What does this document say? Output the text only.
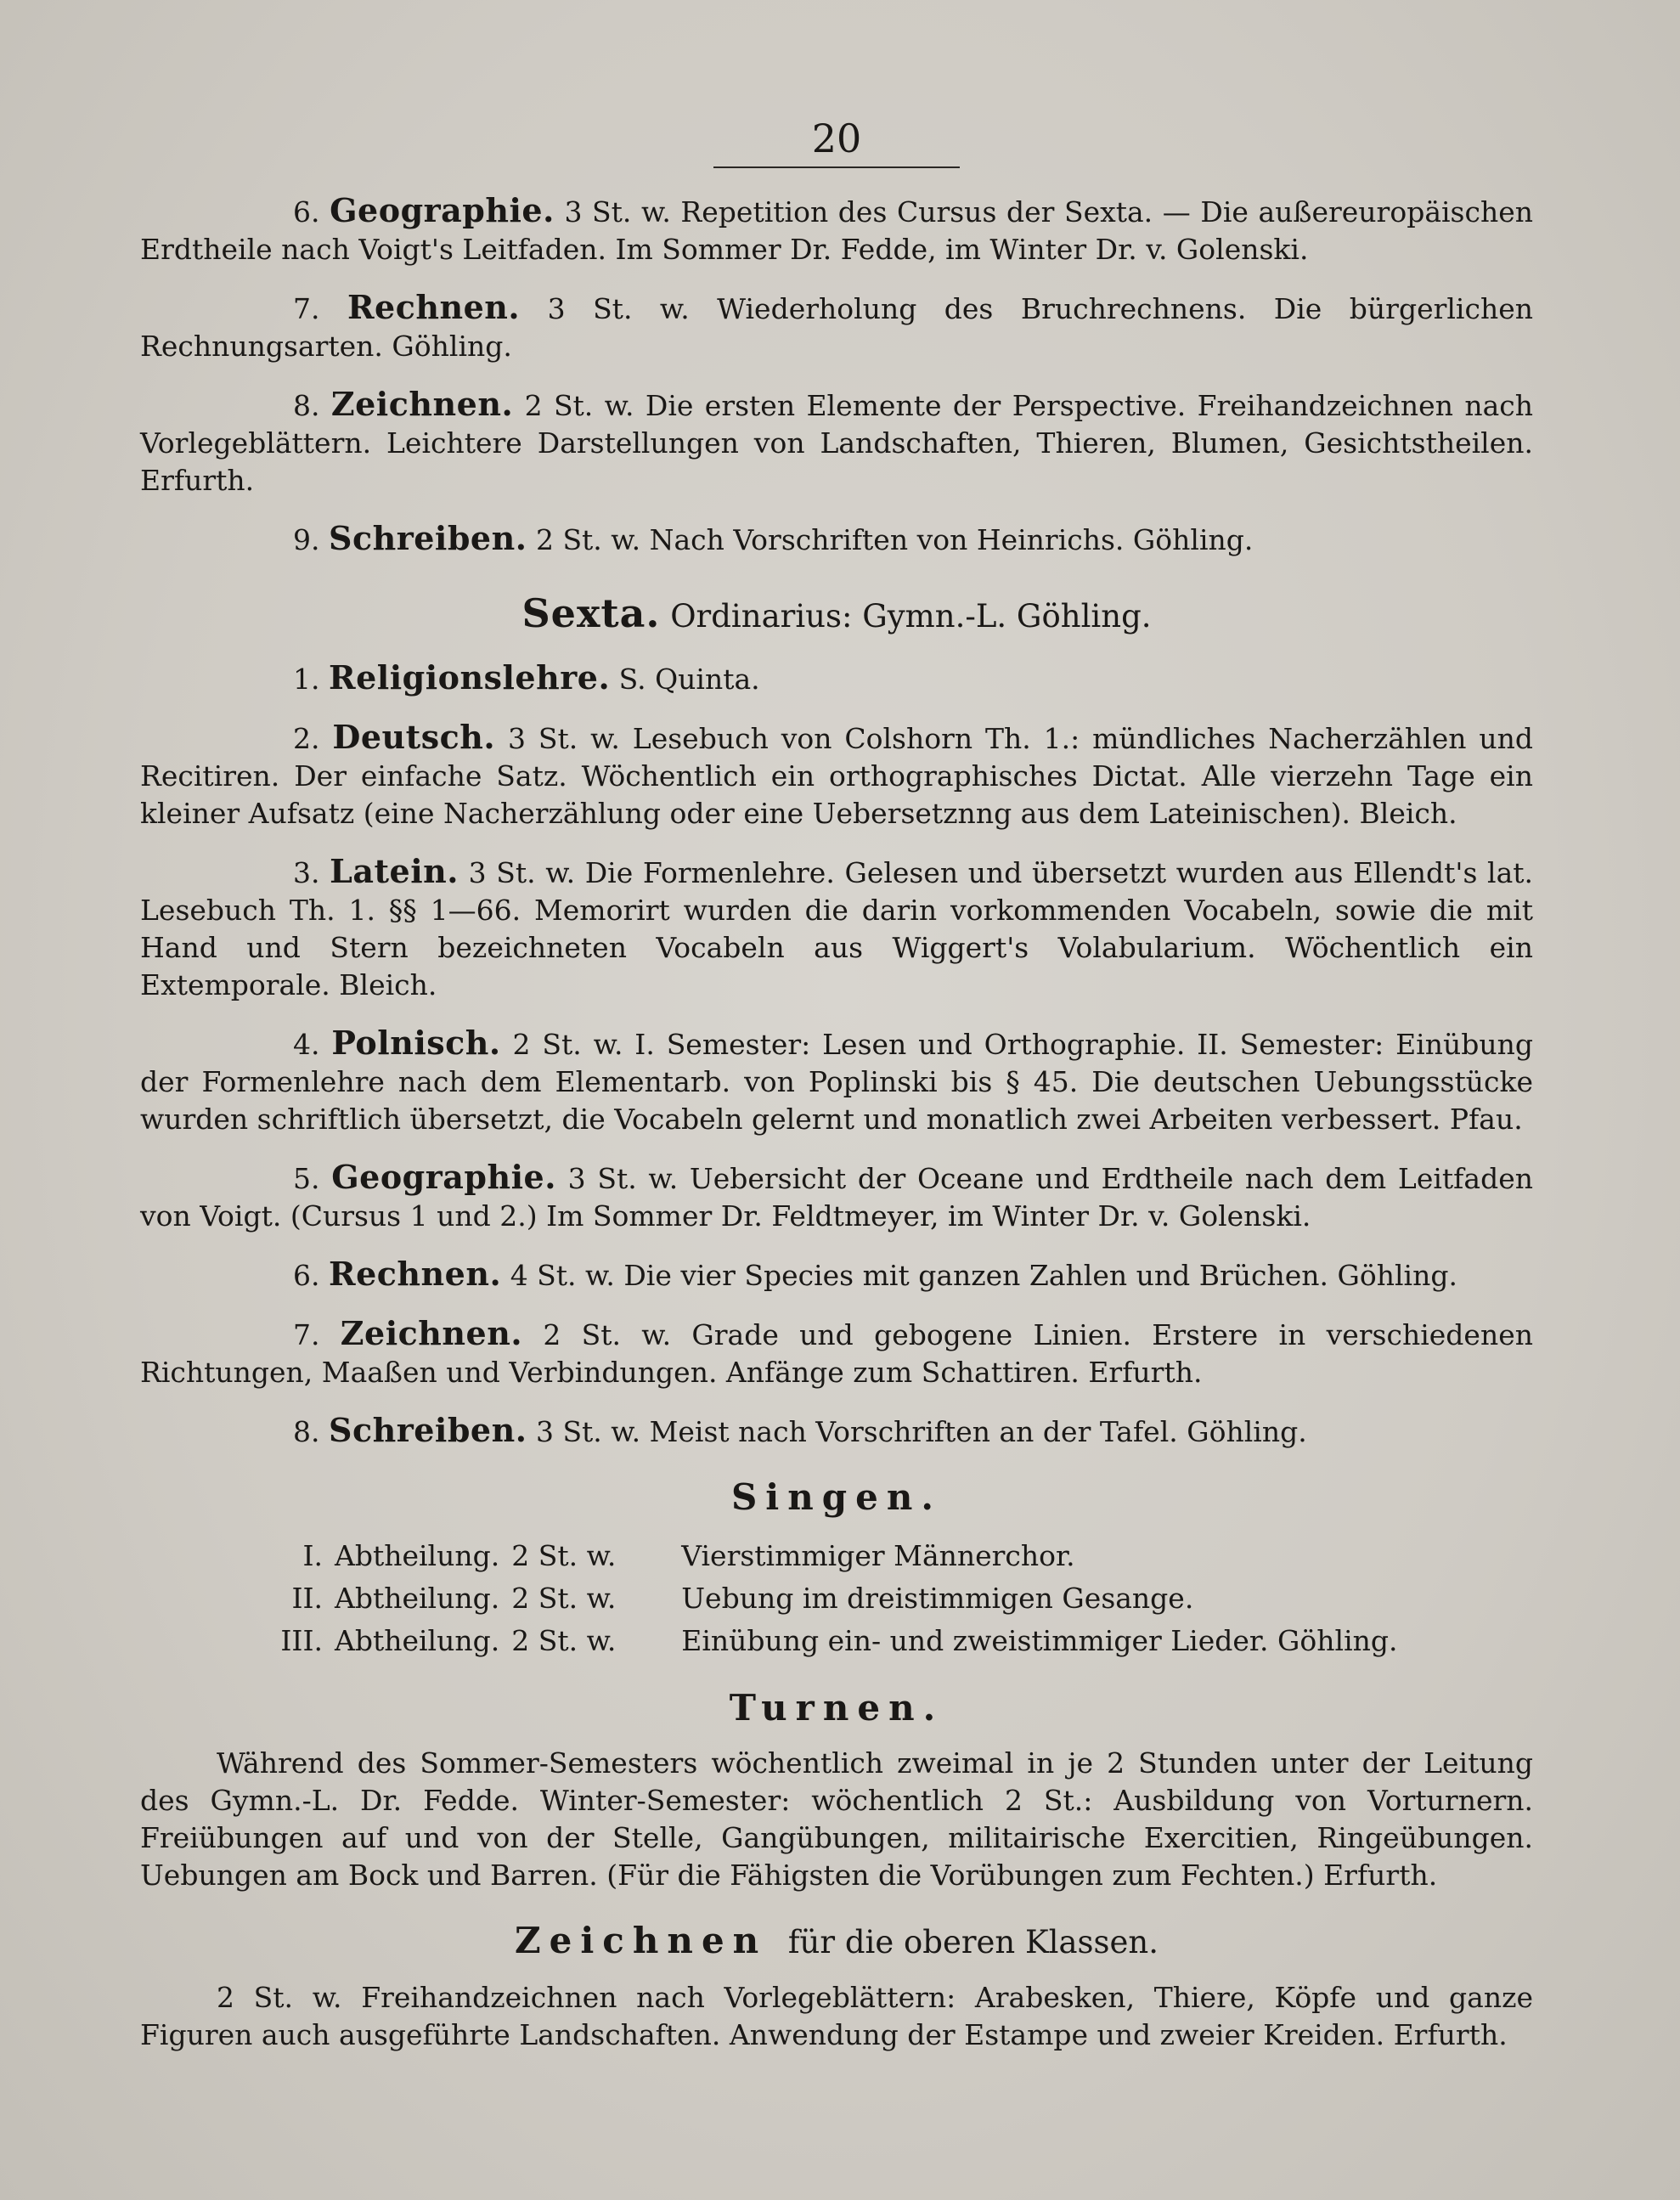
20

6. Geographie. 3 St. w. Repetition des Cursus der Sexta. — Die außereuropäischen Erdtheile nach Voigt's Leitfaden. Im Sommer Dr. Fedde, im Winter Dr. v. Golenski.

7. Rechnen. 3 St. w. Wiederholung des Bruchrechnens. Die bürgerlichen Rechnungsarten. Göhling.

8. Zeichnen. 2 St. w. Die ersten Elemente der Perspective. Freihandzeichnen nach Vorlegeblättern. Leichtere Darstellungen von Landschaften, Thieren, Blumen, Gesichtstheilen. Erfurth.

9. Schreiben. 2 St. w. Nach Vorschriften von Heinrichs. Göhling.

Sexta. Ordinarius: Gymn.-L. Göhling.

1. Religionslehre. S. Quinta.

2. Deutsch. 3 St. w. Lesebuch von Colshorn Th. 1.: mündliches Nacherzählen und Recitiren. Der einfache Satz. Wöchentlich ein orthographisches Dictat. Alle vierzehn Tage ein kleiner Aufsatz (eine Nacherzählung oder eine Uebersetznng aus dem Lateinischen). Bleich.

3. Latein. 3 St. w. Die Formenlehre. Gelesen und übersetzt wurden aus Ellendt's lat. Lesebuch Th. 1. §§ 1—66. Memorirt wurden die darin vorkommenden Vocabeln, sowie die mit Hand und Stern bezeichneten Vocabeln aus Wiggert's Volabularium. Wöchentlich ein Extemporale. Bleich.

4. Polnisch. 2 St. w. I. Semester: Lesen und Orthographie. II. Semester: Einübung der Formenlehre nach dem Elementarb. von Poplinski bis § 45. Die deutschen Uebungsstücke wurden schriftlich übersetzt, die Vocabeln gelernt und monatlich zwei Arbeiten verbessert. Pfau.

5. Geographie. 3 St. w. Uebersicht der Oceane und Erdtheile nach dem Leitfaden von Voigt. (Cursus 1 und 2.) Im Sommer Dr. Feldtmeyer, im Winter Dr. v. Golenski.

6. Rechnen. 4 St. w. Die vier Species mit ganzen Zahlen und Brüchen. Göhling.

7. Zeichnen. 2 St. w. Grade und gebogene Linien. Erstere in verschiedenen Richtungen, Maaßen und Verbindungen. Anfänge zum Schattiren. Erfurth.

8. Schreiben. 3 St. w. Meist nach Vorschriften an der Tafel. Göhling.

Singen.
I.	Abtheilung.	2 St. w.	Vierstimmiger Männerchor.
II.	Abtheilung.	2 St. w.	Uebung im dreistimmigen Gesange.
III.	Abtheilung.	2 St. w.	Einübung ein- und zweistimmiger Lieder. Göhling.
Turnen.

Während des Sommer-Semesters wöchentlich zweimal in je 2 Stunden unter der Leitung des Gymn.-L. Dr. Fedde. Winter-Semester: wöchentlich 2 St.: Ausbildung von Vorturnern. Freiübungen auf und von der Stelle, Gangübungen, militairische Exercitien, Ringeübungen. Uebungen am Bock und Barren. (Für die Fähigsten die Vorübungen zum Fechten.) Erfurth.

Zeichnen für die oberen Klassen.

2 St. w. Freihandzeichnen nach Vorlegeblättern: Arabesken, Thiere, Köpfe und ganze Figuren auch ausgeführte Landschaften. Anwendung der Estampe und zweier Kreiden. Erfurth.
